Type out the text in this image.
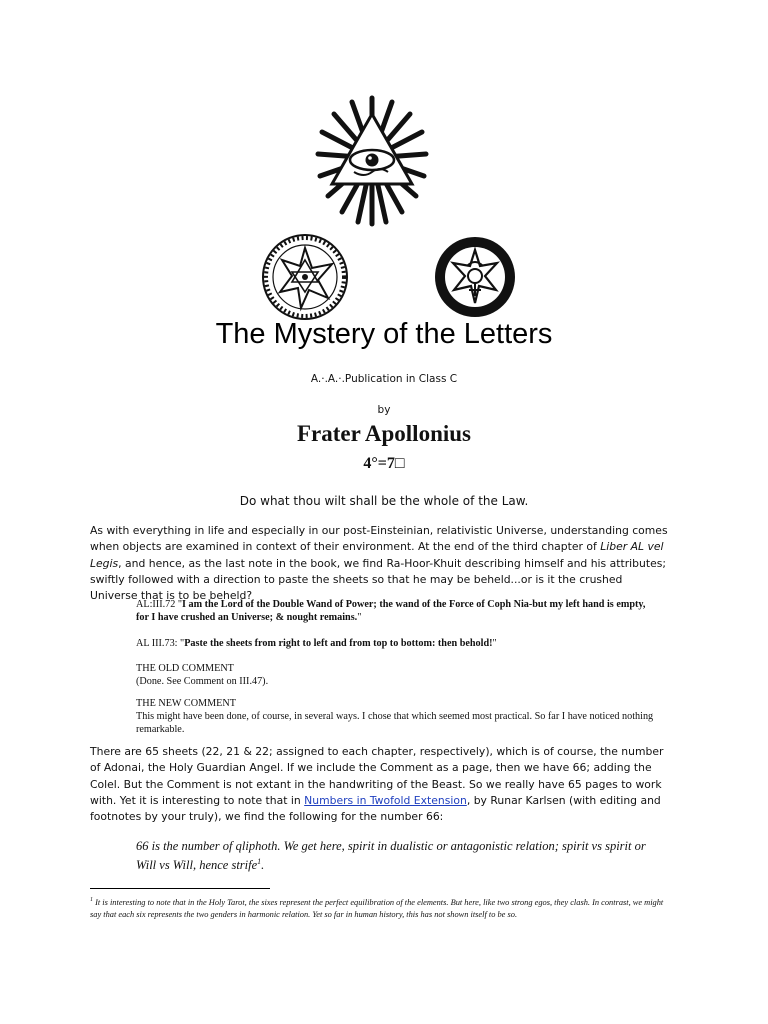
The Mystery of the Letters
A.·.A.·.Publication in Class C
by
Frater Apollonius
4°=7□
Do what thou wilt shall be the whole of the Law.
As with everything in life and especially in our post-Einsteinian, relativistic Universe, understanding comes when objects are examined in context of their environment. At the end of the third chapter of Liber AL vel Legis, and hence, as the last note in the book, we find Ra-Hoor-Khuit describing himself and his attributes; swiftly followed with a direction to paste the sheets so that he may be beheld...or is it the crushed Universe that is to be beheld?
AL:III.72 "I am the Lord of the Double Wand of Power; the wand of the Force of Coph Nia-but my left hand is empty, for I have crushed an Universe; & nought remains."
AL III.73: "Paste the sheets from right to left and from top to bottom: then behold!"
THE OLD COMMENT
(Done. See Comment on III.47).
THE NEW COMMENT
This might have been done, of course, in several ways. I chose that which seemed most practical. So far I have noticed nothing remarkable.
There are 65 sheets (22, 21 & 22; assigned to each chapter, respectively), which is of course, the number of Adonai, the Holy Guardian Angel. If we include the Comment as a page, then we have 66; adding the Colel. But the Comment is not extant in the handwriting of the Beast. So we really have 65 pages to work with. Yet it is interesting to note that in Numbers in Twofold Extension, by Runar Karlsen (with editing and footnotes by your truly), we find the following for the number 66:
66 is the number of qliphoth. We get here, spirit in dualistic or antagonistic relation; spirit vs spirit or Will vs Will, hence strife$^1$.
$^1$ It is interesting to note that in the Holy Tarot, the sixes represent the perfect equilibration of the elements. But here, like two strong egos, they clash. In contrast, we might say that each six represents the two genders in harmonic relation. Yet so far in human history, this has not shown itself to be so.
